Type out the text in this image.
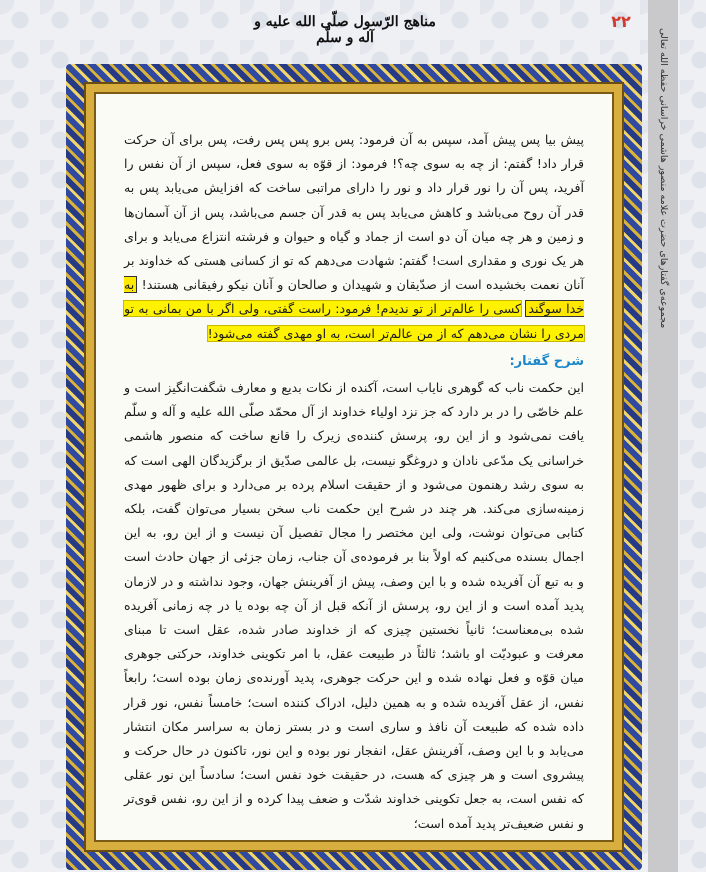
مناهج الرّسول صلّی الله علیه و آله و سلّم
۲۲
مجموعه‌ی گفتارهای حضرت علامه منصور هاشمی خراسانی حفظه الله تعالی

پیش بیا پس پیش آمد، سپس به آن فرمود: پس برو پس پس رفت، پس برای آن حرکت قرار داد! گفتم: از چه به سوی چه؟! فرمود: از قوّه به سوی فعل، سپس از آن نفس را آفرید، پس آن را نور قرار داد و نور را دارای مراتبی ساخت که افزایش می‌یابد پس به قدر آن روح می‌باشد و کاهش می‌یابد پس به قدر آن جسم می‌باشد، پس از آن آسمان‌ها و زمین و هر چه میان آن دو است از جماد و گیاه و حیوان و فرشته انتزاع می‌یابد و برای هر یک نوری و مقداری است! گفتم: شهادت می‌دهم که تو از کسانی هستی که خداوند بر آنان نعمت بخشیده است از صدّیقان و شهیدان و صالحان و آنان نیکو رفیقانی هستند! به خدا سوگند کسی را عالم‌تر از تو ندیدم! فرمود: راست گفتی، ولی اگر با من بمانی به تو مردی را نشان می‌دهم که از من عالم‌تر است، به او مهدی گفته می‌شود!

شرح گفتار:

این حکمت ناب که گوهری نایاب است، آکنده از نکات بدیع و معارف شگفت‌انگیز است و علم خاصّی را در بر دارد که جز نزد اولیاء خداوند از آل محمّد صلّی الله علیه و آله و سلّم یافت نمی‌شود و از این رو، پرسش کننده‌ی زیرک را قانع ساخت که منصور هاشمی خراسانی یک مدّعی نادان و دروغگو نیست، بل عالمی صدّیق از برگزیدگان الهی است که به سوی رشد رهنمون می‌شود و از حقیقت اسلام پرده بر می‌دارد و برای ظهور مهدی زمینه‌سازی می‌کند. هر چند در شرح این حکمت ناب سخن بسیار می‌توان گفت، بلکه کتابی می‌توان نوشت، ولی این مختصر را مجال تفصیل آن نیست و از این رو، به این اجمال بسنده می‌کنیم که اولاً بنا بر فرموده‌ی آن جناب، زمان جزئی از جهان حادث است و به تبع آن آفریده شده و با این وصف، پیش از آفرینش جهان، وجود نداشته و در لازمان پدید آمده است و از این رو، پرسش از آنکه قبل از آن چه بوده یا در چه زمانی آفریده شده بی‌معناست؛ ثانیاً نخستین چیزی که از خداوند صادر شده، عقل است تا مبنای معرفت و عبودیّت او باشد؛ ثالثاً در طبیعت عقل، با امر تکوینی خداوند، حرکتی جوهری میان قوّه و فعل نهاده شده و این حرکت جوهری، پدید آورنده‌ی زمان بوده است؛ رابعاً نفس، از عقل آفریده شده و به همین دلیل، ادراک کننده است؛ خامساً نفس، نور قرار داده شده که طبیعت آن نافذ و ساری است و در بستر زمان به سراسر مکان انتشار می‌یابد و با این وصف، آفرینش عقل، انفجار نور بوده و این نور، تاکنون در حال حرکت و پیشروی است و هر چیزی که هست، در حقیقت خود نفس است؛ سادساً این نور عقلی که نفس است، به جعل تکوینی خداوند شدّت و ضعف پیدا کرده و از این رو، نفس قوی‌تر و نفس ضعیف‌تر پدید آمده است؛
